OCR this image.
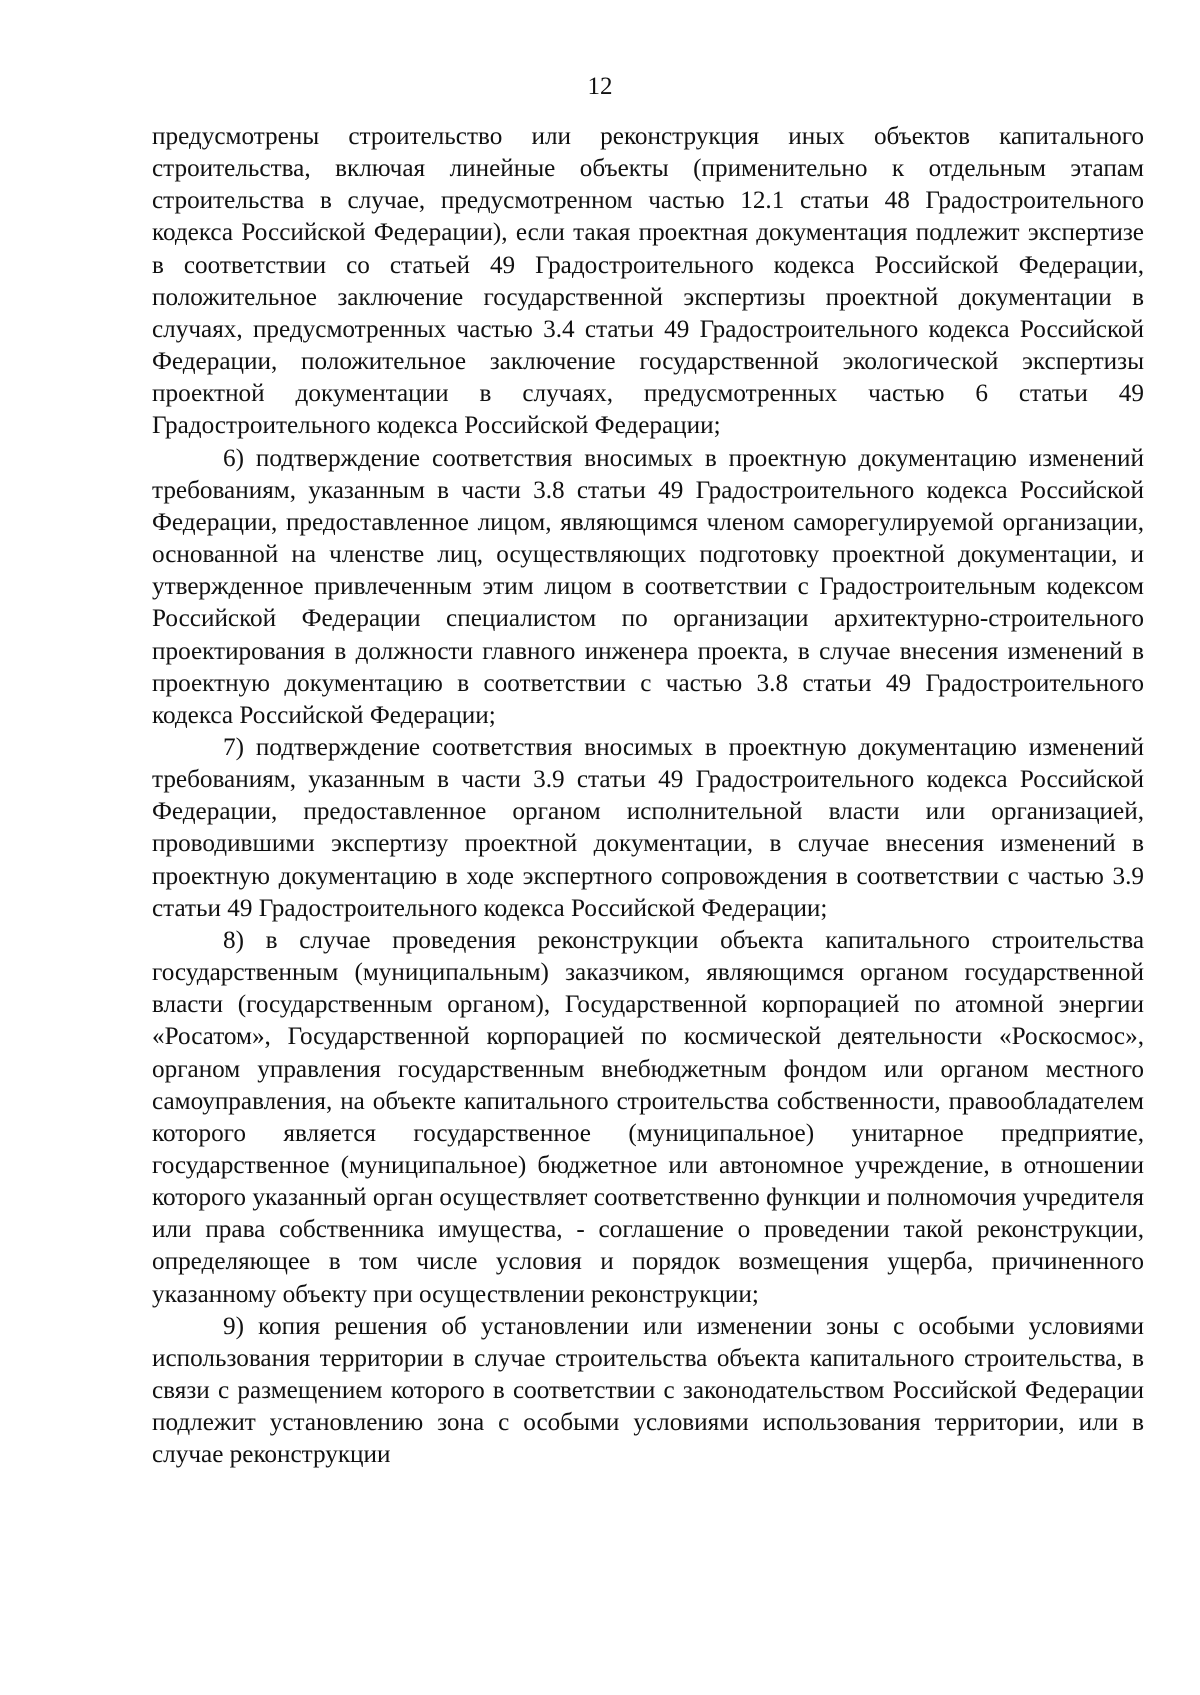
12

предусмотрены строительство или реконструкция иных объектов капитального строительства, включая линейные объекты (применительно к отдельным этапам строительства в случае, предусмотренном частью 12.1 статьи 48 Градостроительного кодекса Российской Федерации), если такая проектная документация подлежит экспертизе в соответствии со статьей 49 Градостроительного кодекса Российской Федерации, положительное заключение государственной экспертизы проектной документации в случаях, предусмотренных частью 3.4 статьи 49 Градостроительного кодекса Российской Федерации, положительное заключение государственной экологической экспертизы проектной документации в случаях, предусмотренных частью 6 статьи 49 Градостроительного кодекса Российской Федерации;

6) подтверждение соответствия вносимых в проектную документацию изменений требованиям, указанным в части 3.8 статьи 49 Градостроительного кодекса Российской Федерации, предоставленное лицом, являющимся членом саморегулируемой организации, основанной на членстве лиц, осуществляющих подготовку проектной документации, и утвержденное привлеченным этим лицом в соответствии с Градостроительным кодексом Российской Федерации специалистом по организации архитектурно-строительного проектирования в должности главного инженера проекта, в случае внесения изменений в проектную документацию в соответствии с частью 3.8 статьи 49 Градостроительного кодекса Российской Федерации;

7) подтверждение соответствия вносимых в проектную документацию изменений требованиям, указанным в части 3.9 статьи 49 Градостроительного кодекса Российской Федерации, предоставленное органом исполнительной власти или организацией, проводившими экспертизу проектной документации, в случае внесения изменений в проектную документацию в ходе экспертного сопровождения в соответствии с частью 3.9 статьи 49 Градостроительного кодекса Российской Федерации;

8) в случае проведения реконструкции объекта капитального строительства государственным (муниципальным) заказчиком, являющимся органом государственной власти (государственным органом), Государственной корпорацией по атомной энергии «Росатом», Государственной корпорацией по космической деятельности «Роскосмос», органом управления государственным внебюджетным фондом или органом местного самоуправления, на объекте капитального строительства собственности, правообладателем которого является государственное (муниципальное) унитарное предприятие, государственное (муниципальное) бюджетное или автономное учреждение, в отношении которого указанный орган осуществляет соответственно функции и полномочия учредителя или права собственника имущества, - соглашение о проведении такой реконструкции, определяющее в том числе условия и порядок возмещения ущерба, причиненного указанному объекту при осуществлении реконструкции;

9) копия решения об установлении или изменении зоны с особыми условиями использования территории в случае строительства объекта капитального строительства, в связи с размещением которого в соответствии с законодательством Российской Федерации подлежит установлению зона с особыми условиями использования территории, или в случае реконструкции
